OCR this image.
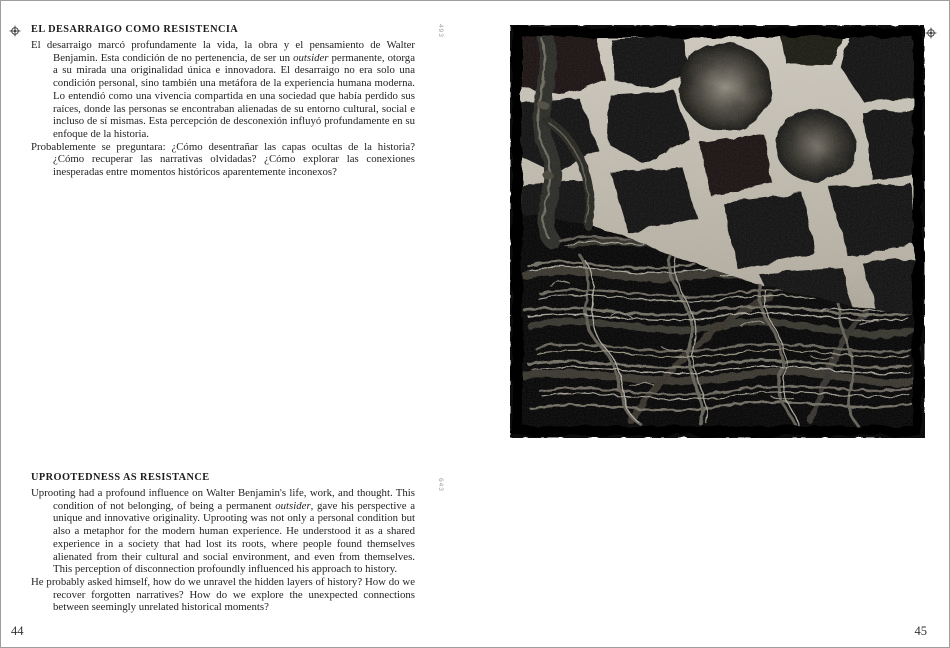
EL DESARRAIGO COMO RESISTENCIA

El desarraigo marcó profundamente la vida, la obra y el pensamiento de Walter Benjamin. Esta condición de no pertenencia, de ser un outsider permanente, otorga a su mirada una originalidad única e innovadora. El desarraigo no era solo una condición personal, sino también una metáfora de la experiencia humana moderna. Lo entendió como una vivencia compartida en una sociedad que había perdido sus raíces, donde las personas se encontraban alienadas de su entorno cultural, social e incluso de sí mismas. Esta percepción de desconexión influyó profundamente en su enfoque de la historia.

Probablemente se preguntara: ¿Cómo desentrañar las capas ocultas de la historia? ¿Cómo recuperar las narrativas olvidadas? ¿Cómo explorar las conexiones inesperadas entre momentos históricos aparentemente inconexos?

493
UPROOTEDNESS AS RESISTANCE

Uprooting had a profound influence on Walter Benjamin's life, work, and thought. This condition of not belonging, of being a permanent outsider, gave his perspective a unique and innovative originality. Uprooting was not only a personal condition but also a metaphor for the modern human experience. He understood it as a shared experience in a society that had lost its roots, where people found themselves alienated from their cultural and social environment, and even from themselves. This perception of disconnection profoundly influenced his approach to history.

He probably asked himself, how do we unravel the hidden layers of history? How do we recover forgotten narratives? How do we explore the unexpected connections between seemingly unrelated historical moments?

643
44	45
